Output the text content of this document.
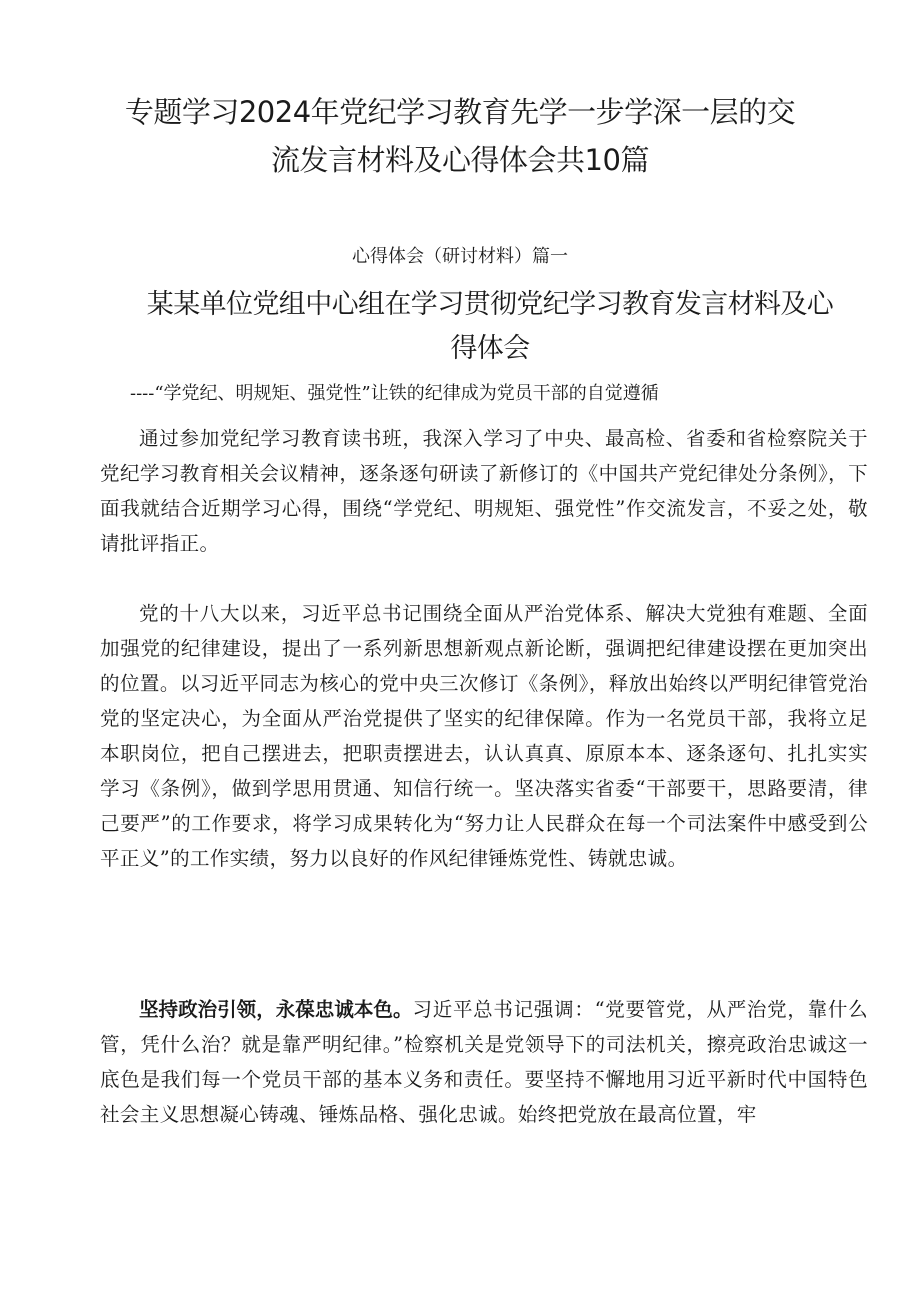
专题学习2024年党纪学习教育先学一步学深一层的交
流发言材料及心得体会共10篇
心得体会（研讨材料）篇一
某某单位党组中心组在学习贯彻党纪学习教育发言材料及心
得体会
----“学党纪、明规矩、强党性”让铁的纪律成为党员干部的自觉遵循

通过参加党纪学习教育读书班，我深入学习了中央、最高检、省委和省检察院关于党纪学习教育相关会议精神，逐条逐句研读了新修订的《中国共产党纪律处分条例》，下面我就结合近期学习心得，围绕“学党纪、明规矩、强党性”作交流发言，不妥之处，敬请批评指正。

党的十八大以来，习近平总书记围绕全面从严治党体系、解决大党独有难题、全面加强党的纪律建设，提出了一系列新思想新观点新论断，强调把纪律建设摆在更加突出的位置。以习近平同志为核心的党中央三次修订《条例》，释放出始终以严明纪律管党治党的坚定决心，为全面从严治党提供了坚实的纪律保障。作为一名党员干部，我将立足本职岗位，把自己摆进去，把职责摆进去，认认真真、原原本本、逐条逐句、扎扎实实学习《条例》，做到学思用贯通、知信行统一。坚决落实省委“干部要干，思路要清，律己要严”的工作要求，将学习成果转化为“努力让人民群众在每一个司法案件中感受到公平正义”的工作实绩，努力以良好的作风纪律锤炼党性、铸就忠诚。

坚持政治引领，永葆忠诚本色。习近平总书记强调：“党要管党，从严治党，靠什么管，凭什么治？就是靠严明纪律。”检察机关是党领导下的司法机关，擦亮政治忠诚这一底色是我们每一个党员干部的基本义务和责任。要坚持不懈地用习近平新时代中国特色社会主义思想凝心铸魂、锤炼品格、强化忠诚。始终把党放在最高位置，牢
